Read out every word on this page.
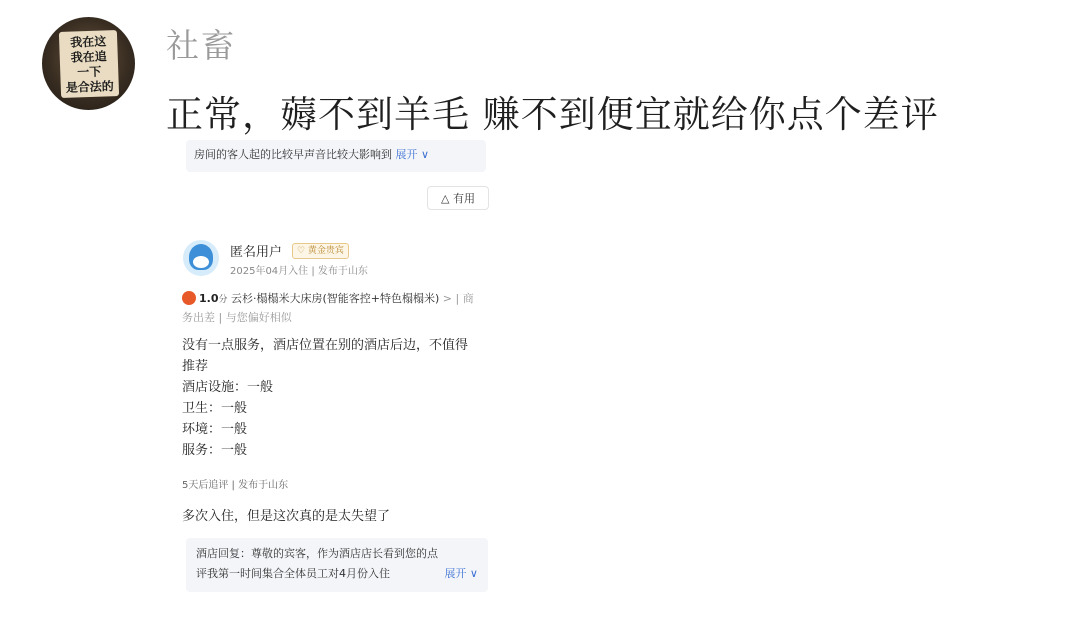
我在这
我在追
一下
是合法的
社畜
正常，薅不到羊毛 赚不到便宜就给你点个差评
房间的客人起的比较早声音比较大影响到 展开 ∨
△ 有用
匿名用户	♡ 黄金贵宾
2025年04月入住 | 发布于山东
1.0分 云杉·榻榻米大床房(智能客控+特色榻榻米) > | 商
务出差 | 与您偏好相似
没有一点服务，酒店位置在别的酒店后边，不值得
推荐
酒店设施：一般
卫生：一般
环境：一般
服务：一般
5天后追评 | 发布于山东
多次入住，但是这次真的是太失望了
酒店回复：尊敬的宾客，作为酒店店长看到您的点
评我第一时间集合全体员工对4月份入住	展开 ∨
